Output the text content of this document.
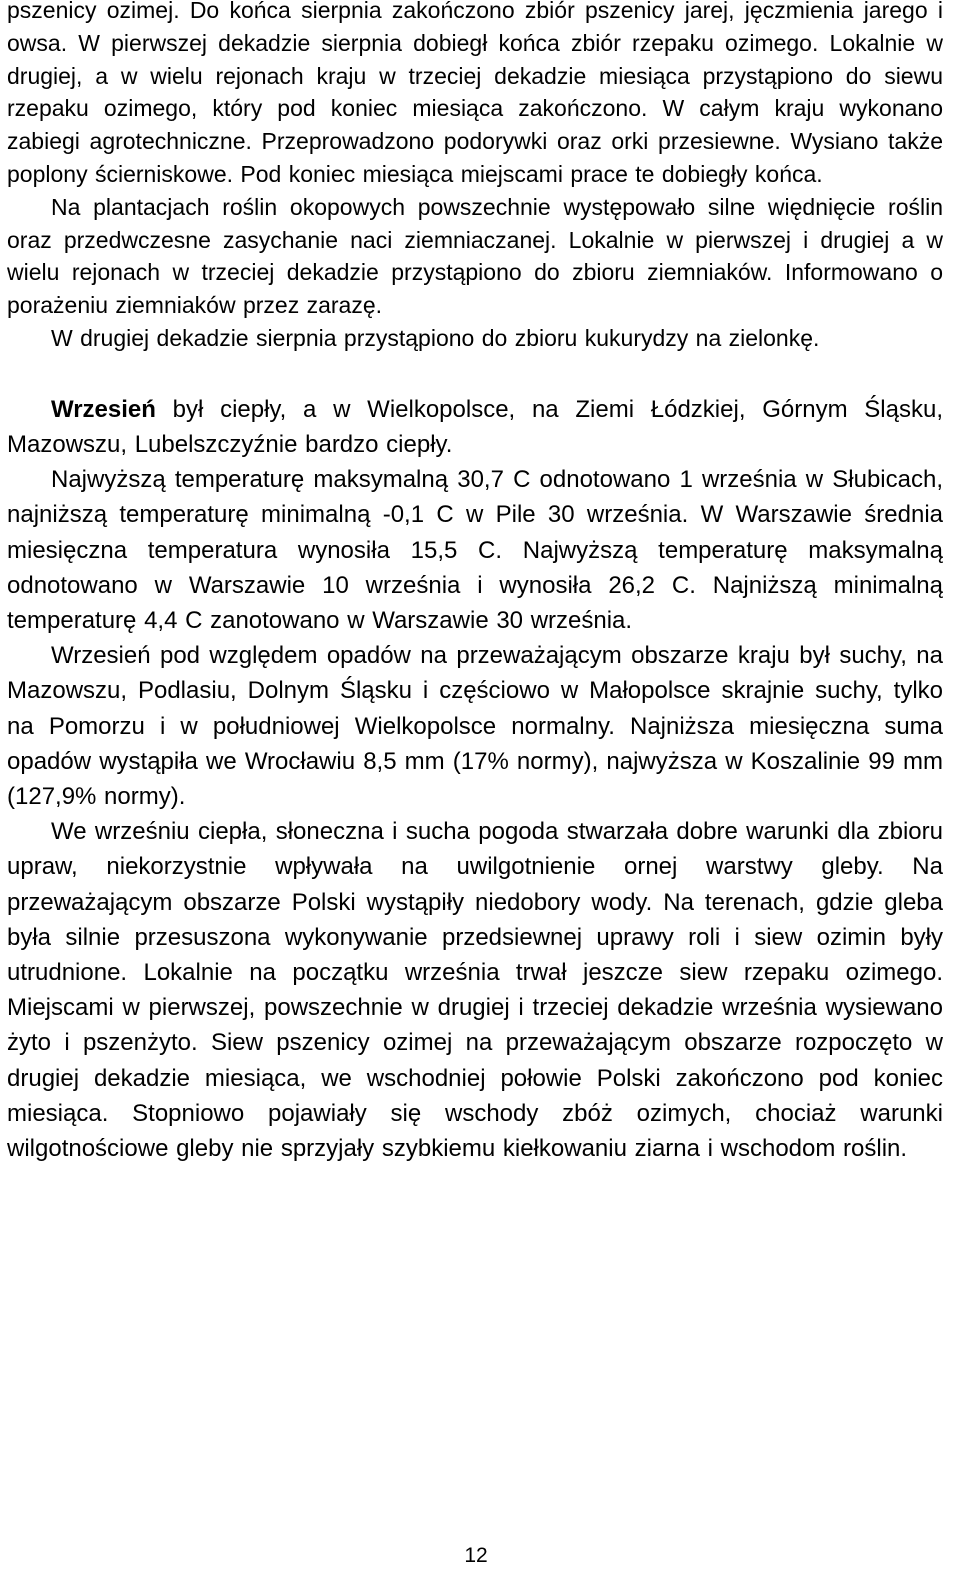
pszenicy ozimej. Do końca sierpnia zakończono zbiór pszenicy jarej, jęczmienia jarego i owsa. W pierwszej dekadzie sierpnia dobiegł końca zbiór rzepaku ozimego. Lokalnie w drugiej, a w wielu rejonach kraju w trzeciej dekadzie miesiąca przystąpiono do siewu rzepaku ozimego, który pod koniec miesiąca zakończono. W całym kraju wykonano zabiegi agrotechniczne. Przeprowadzono podorywki oraz orki przesiewne. Wysiano także poplony ścierniskowe. Pod koniec miesiąca miejscami prace te dobiegły końca.

Na plantacjach roślin okopowych powszechnie występowało silne więdnięcie roślin oraz przedwczesne zasychanie naci ziemniaczanej. Lokalnie w pierwszej i drugiej a w wielu rejonach w trzeciej dekadzie przystąpiono do zbioru ziemniaków. Informowano o porażeniu ziemniaków przez zarazę.

W drugiej dekadzie sierpnia przystąpiono do zbioru kukurydzy na zielonkę.

Wrzesień był ciepły, a w Wielkopolsce, na Ziemi Łódzkiej, Górnym Śląsku, Mazowszu, Lubelszczyźnie bardzo ciepły.

Najwyższą temperaturę maksymalną 30,7 C odnotowano 1 września w Słubicach, najniższą temperaturę minimalną -0,1 C w Pile 30 września. W Warszawie średnia miesięczna temperatura wynosiła 15,5 C. Najwyższą temperaturę maksymalną odnotowano w Warszawie 10 września i wynosiła 26,2 C. Najniższą minimalną temperaturę 4,4 C zanotowano w Warszawie 30 września.

Wrzesień pod względem opadów na przeważającym obszarze kraju był suchy, na Mazowszu, Podlasiu, Dolnym Śląsku i częściowo w Małopolsce skrajnie suchy, tylko na Pomorzu i w południowej Wielkopolsce normalny. Najniższa miesięczna suma opadów wystąpiła we Wrocławiu 8,5 mm (17% normy), najwyższa w Koszalinie 99 mm (127,9% normy).

We wrześniu ciepła, słoneczna i sucha pogoda stwarzała dobre warunki dla zbioru upraw, niekorzystnie wpływała na uwilgotnienie ornej warstwy gleby. Na przeważającym obszarze Polski wystąpiły niedobory wody. Na terenach, gdzie gleba była silnie przesuszona wykonywanie przedsiewnej uprawy roli i siew ozimin były utrudnione. Lokalnie na początku września trwał jeszcze siew rzepaku ozimego. Miejscami w pierwszej, powszechnie w drugiej i trzeciej dekadzie września wysiewano żyto i pszenżyto. Siew pszenicy ozimej na przeważającym obszarze rozpoczęto w drugiej dekadzie miesiąca, we wschodniej połowie Polski zakończono pod koniec miesiąca. Stopniowo pojawiały się wschody zbóż ozimych, chociaż warunki wilgotnościowe gleby nie sprzyjały szybkiemu kiełkowaniu ziarna i wschodom roślin.

12
